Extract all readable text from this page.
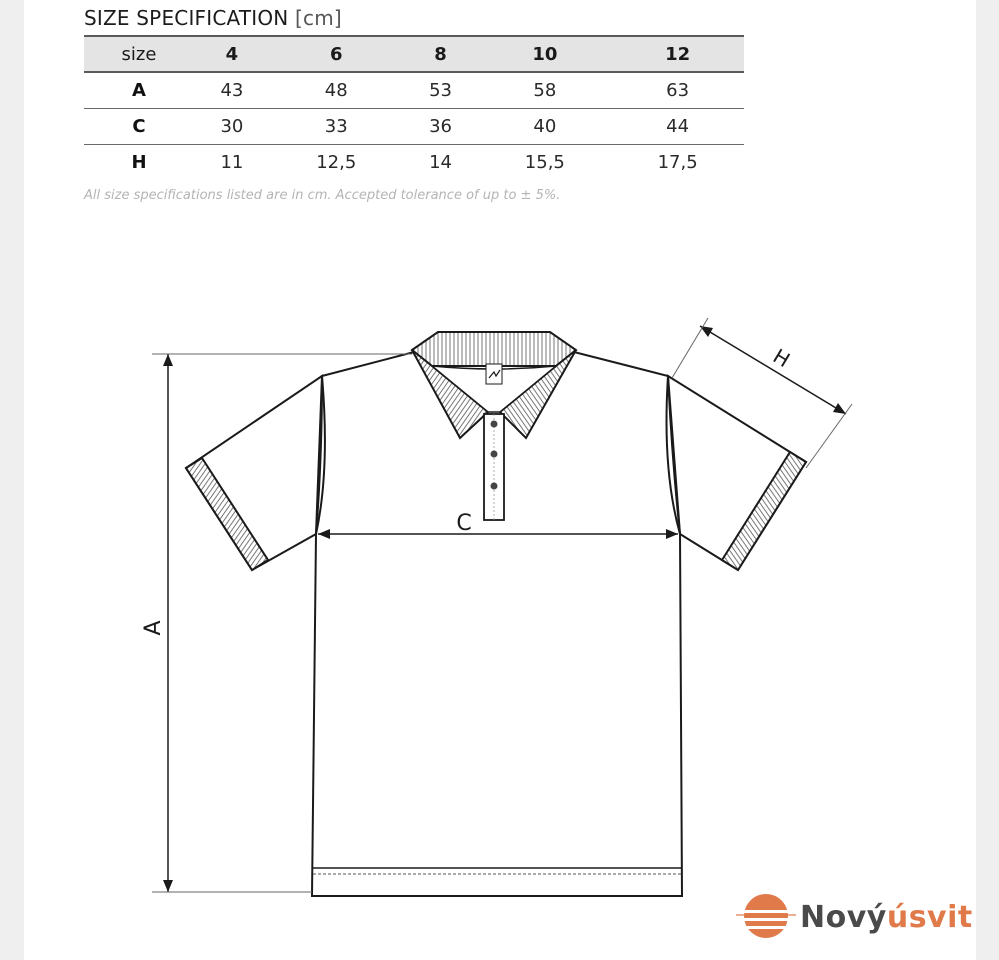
SIZE SPECIFICATION [cm]
size	4	6	8	10	12
A	43	48	53	58	63
C	30	33	36	40	44
H	11	12,5	14	15,5	17,5
All size specifications listed are in cm. Accepted tolerance of up to ± 5%.
A
C
H
Novýúsvit
